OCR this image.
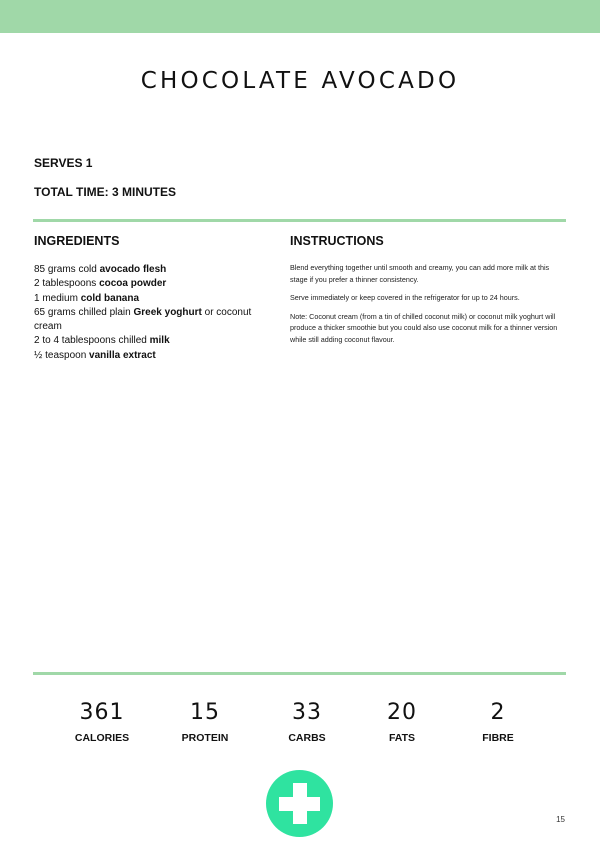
CHOCOLATE AVOCADO
SERVES 1
TOTAL TIME: 3 MINUTES
INGREDIENTS	INSTRUCTIONS
85 grams cold avocado flesh
2 tablespoons cocoa powder
1 medium cold banana
65 grams chilled plain Greek yoghurt or coconut cream
2 to 4 tablespoons chilled milk
½ teaspoon vanilla extract

Blend everything together until smooth and creamy, you can add more milk at this stage if you prefer a thinner consistency.

Serve immediately or keep covered in the refrigerator for up to 24 hours.

Note: Coconut cream (from a tin of chilled coconut milk) or coconut milk yoghurt will produce a thicker smoothie but you could also use coconut milk for a thinner version while still adding coconut flavour.

361
CALORIES
15
PROTEIN
33
CARBS
20
FATS
2
FIBRE
15
